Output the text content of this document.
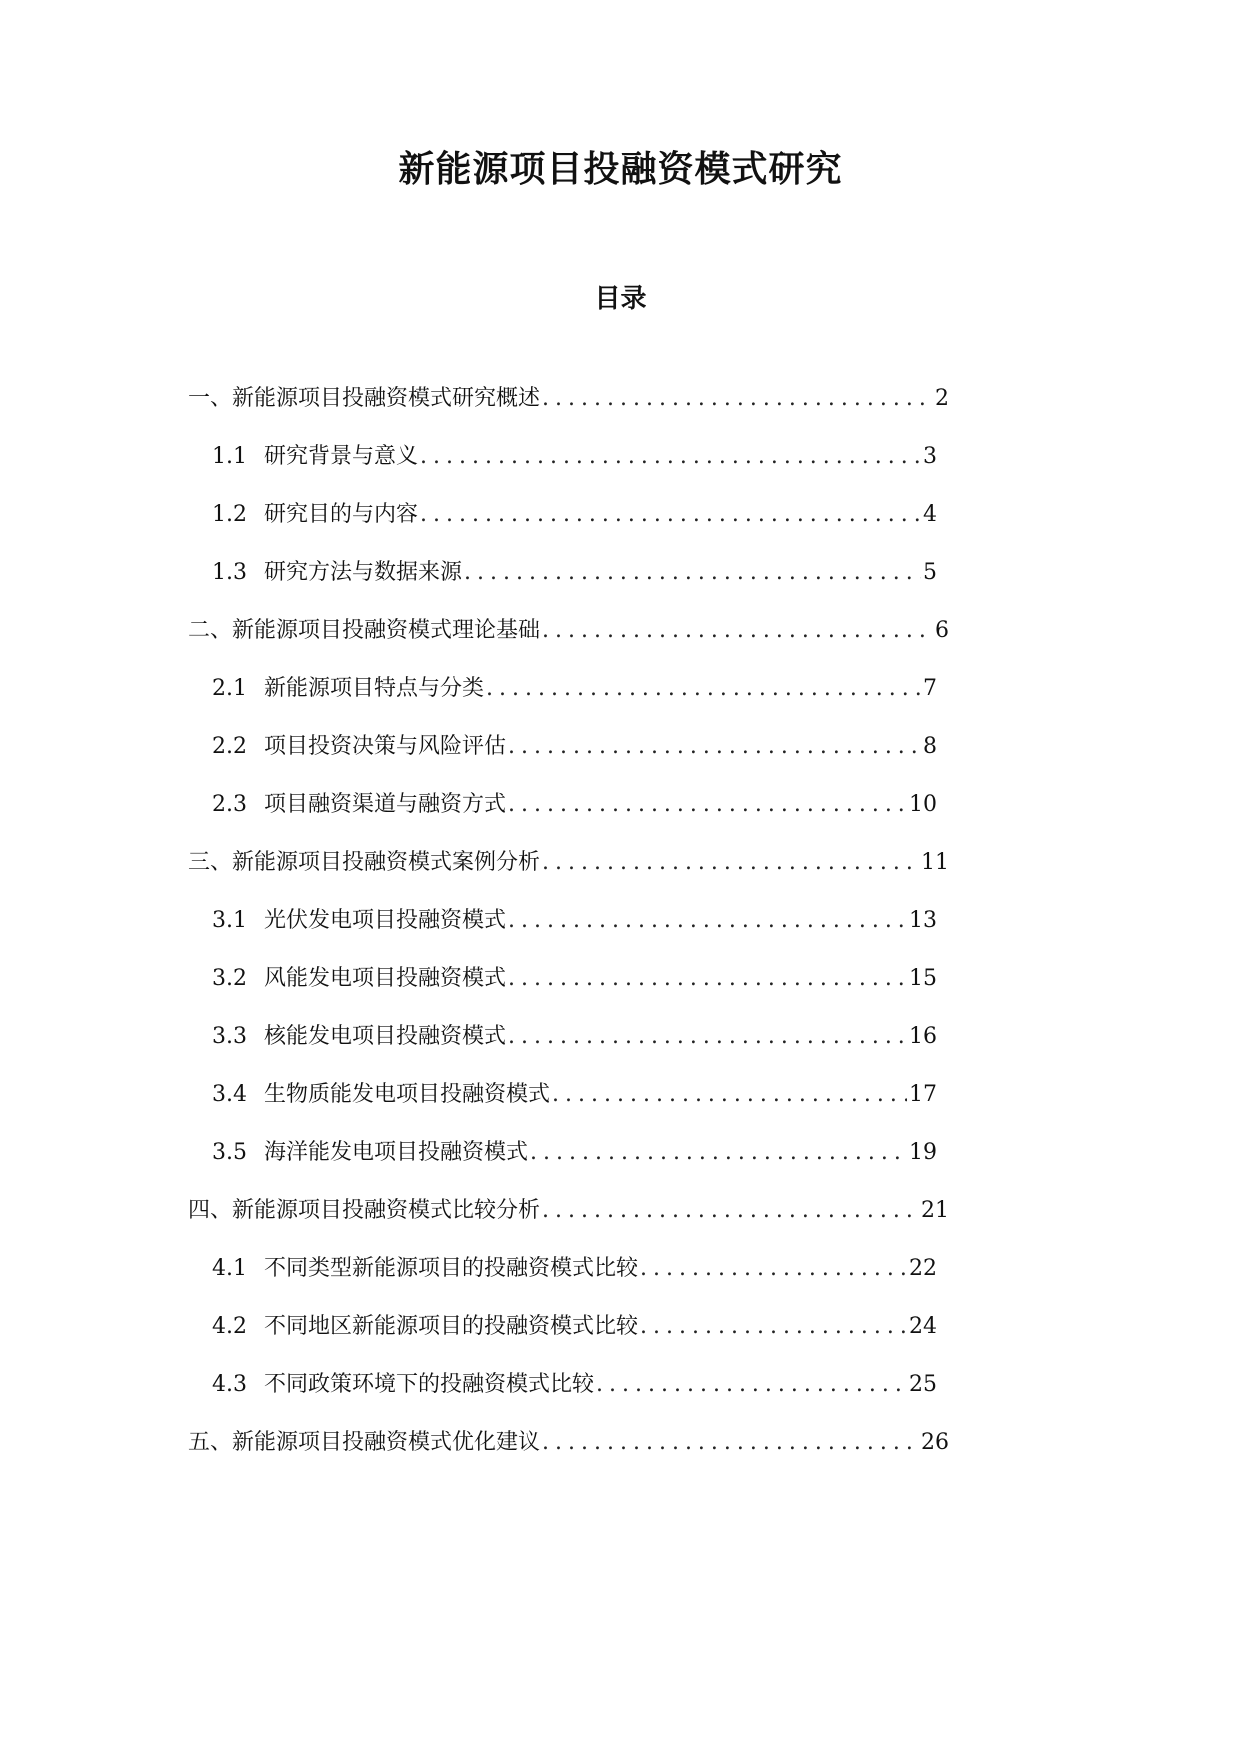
新能源项目投融资模式研究
目录
一、新能源项目投融资模式研究概述 .....	2
1.1 研究背景与意义 .....	3
1.2 研究目的与内容 .....	4
1.3 研究方法与数据来源 .....	5
二、新能源项目投融资模式理论基础 .....	6
2.1 新能源项目特点与分类 .....	7
2.2 项目投资决策与风险评估 .....	8
2.3 项目融资渠道与融资方式 .....	10
三、新能源项目投融资模式案例分析 .....	11
3.1 光伏发电项目投融资模式 .....	13
3.2 风能发电项目投融资模式 .....	15
3.3 核能发电项目投融资模式 .....	16
3.4 生物质能发电项目投融资模式 .....	17
3.5 海洋能发电项目投融资模式 .....	19
四、新能源项目投融资模式比较分析 .....	21
4.1 不同类型新能源项目的投融资模式比较 .....	22
4.2 不同地区新能源项目的投融资模式比较 .....	24
4.3 不同政策环境下的投融资模式比较 .....	25
五、新能源项目投融资模式优化建议 .....	26
